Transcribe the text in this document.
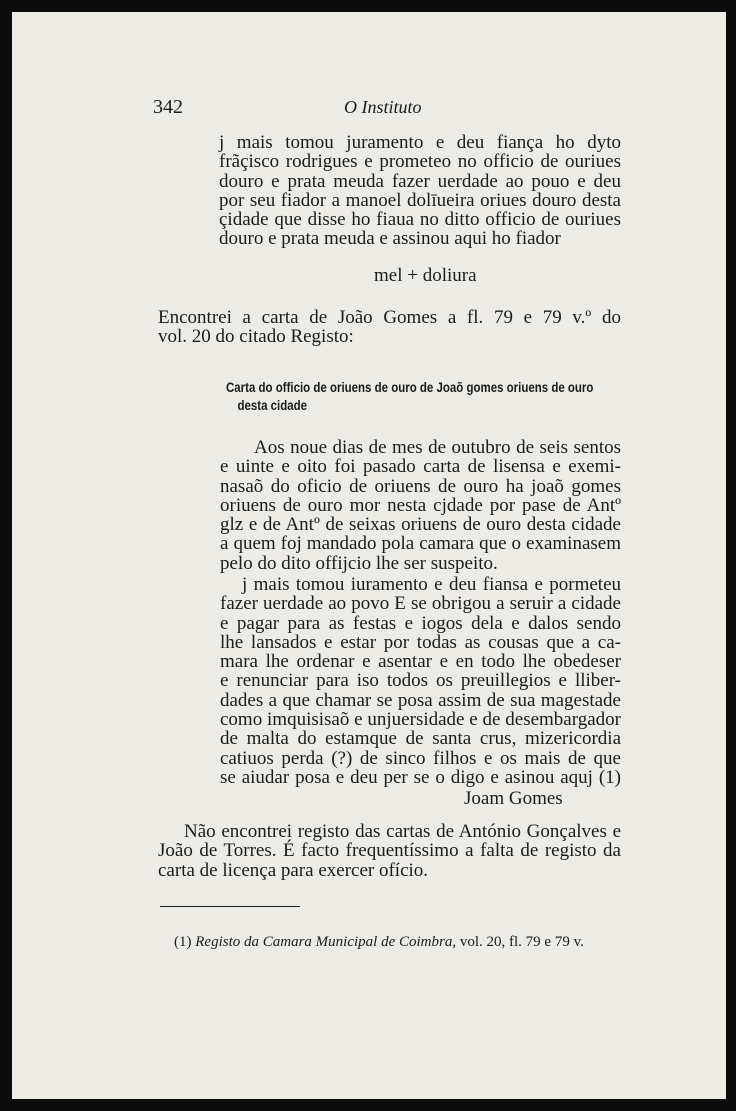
342	O Instituto

j mais tomou juramento e deu fiança ho dyto
frãçisco rodrigues e prometeo no officio de ouriues
douro e prata meuda fazer uerdade ao pouo e deu
por seu fiador a manoel dolīueira oriues douro desta
çidade que disse ho fiaua no ditto officio de ouriues
douro e prata meuda e assinou aqui ho fiador

mel + doliura

Encontrei a carta de João Gomes a fl. 79 e 79 v.º do
vol. 20 do citado Registo:

Carta do officio de oriuens de ouro de Joaõ gomes oriuens de ouro
desta cidade

Aos noue dias de mes de outubro de seis sentos
e uinte e oito foi pasado carta de lisensa e exemi-
nasaõ do oficio de oriuens de ouro ha joaõ gomes
oriuens de ouro mor nesta cjdade por pase de Antº
glz e de Antº de seixas oriuens de ouro desta cidade
a quem foj mandado pola camara que o examinasem
pelo do dito offijcio lhe ser suspeito.

j mais tomou iuramento e deu fiansa e pormeteu
fazer uerdade ao povo E se obrigou a seruir a cidade
e pagar para as festas e iogos dela e dalos sendo
lhe lansados e estar por todas as cousas que a ca-
mara lhe ordenar e asentar e en todo lhe obedeser
e renunciar para iso todos os preuillegios e lliber-
dades a que chamar se posa assim de sua magestade
como imquisisaõ e unjuersidade e de desembargador
de malta do estamque de santa crus, mizericordia
catiuos perda (?) de sinco filhos e os mais de que
se aiudar posa e deu per se o digo e asinou aquj (1)

Joam Gomes

Não encontrei registo das cartas de António Gonçalves e
João de Torres. É facto frequentíssimo a falta de registo da
carta de licença para exercer ofício.

(1) Registo da Camara Municipal de Coimbra, vol. 20, fl. 79 e 79 v.
